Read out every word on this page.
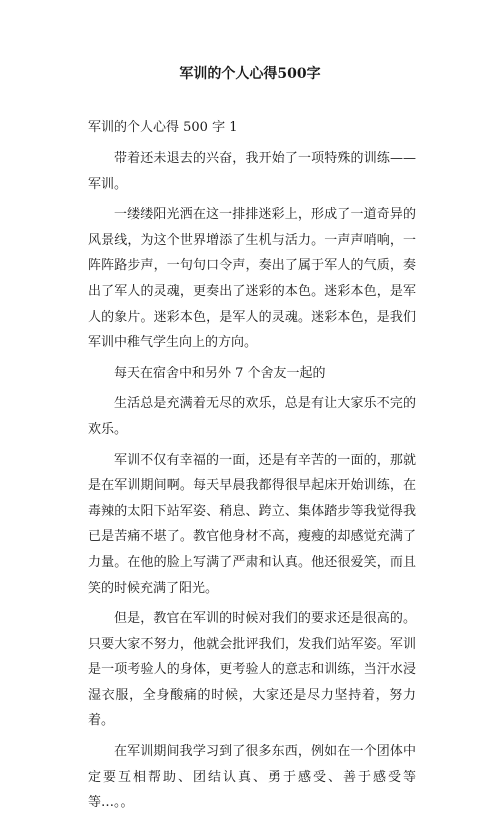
军训的个人心得500字
军训的个人心得 500 字 1

带着还未退去的兴奋，我开始了一项特殊的训练——军训。

一缕缕阳光洒在这一排排迷彩上，形成了一道奇异的风景线，为这个世界增添了生机与活力。一声声哨响，一阵阵路步声，一句句口令声，奏出了属于军人的气质，奏出了军人的灵魂，更奏出了迷彩的本色。迷彩本色，是军人的象片。迷彩本色，是军人的灵魂。迷彩本色，是我们军训中稚气学生向上的方向。

每天在宿舍中和另外 7 个舍友一起的

生活总是充满着无尽的欢乐，总是有让大家乐不完的欢乐。

军训不仅有幸福的一面，还是有辛苦的一面的，那就是在军训期间啊。每天早晨我都得很早起床开始训练，在毒辣的太阳下站军姿、稍息、跨立、集体踏步等我觉得我已是苦痛不堪了。教官他身材不高，瘦瘦的却感觉充满了力量。在他的脸上写满了严肃和认真。他还很爱笑，而且笑的时候充满了阳光。

但是，教官在军训的时候对我们的要求还是很高的。只要大家不努力，他就会批评我们，发我们站军姿。军训是一项考验人的身体，更考验人的意志和训练，当汗水浸湿衣服，全身酸痛的时候，大家还是尽力坚持着，努力着。

在军训期间我学习到了很多东西，例如在一个团体中定要互相帮助、团结认真、勇于感受、善于感受等等…。。
